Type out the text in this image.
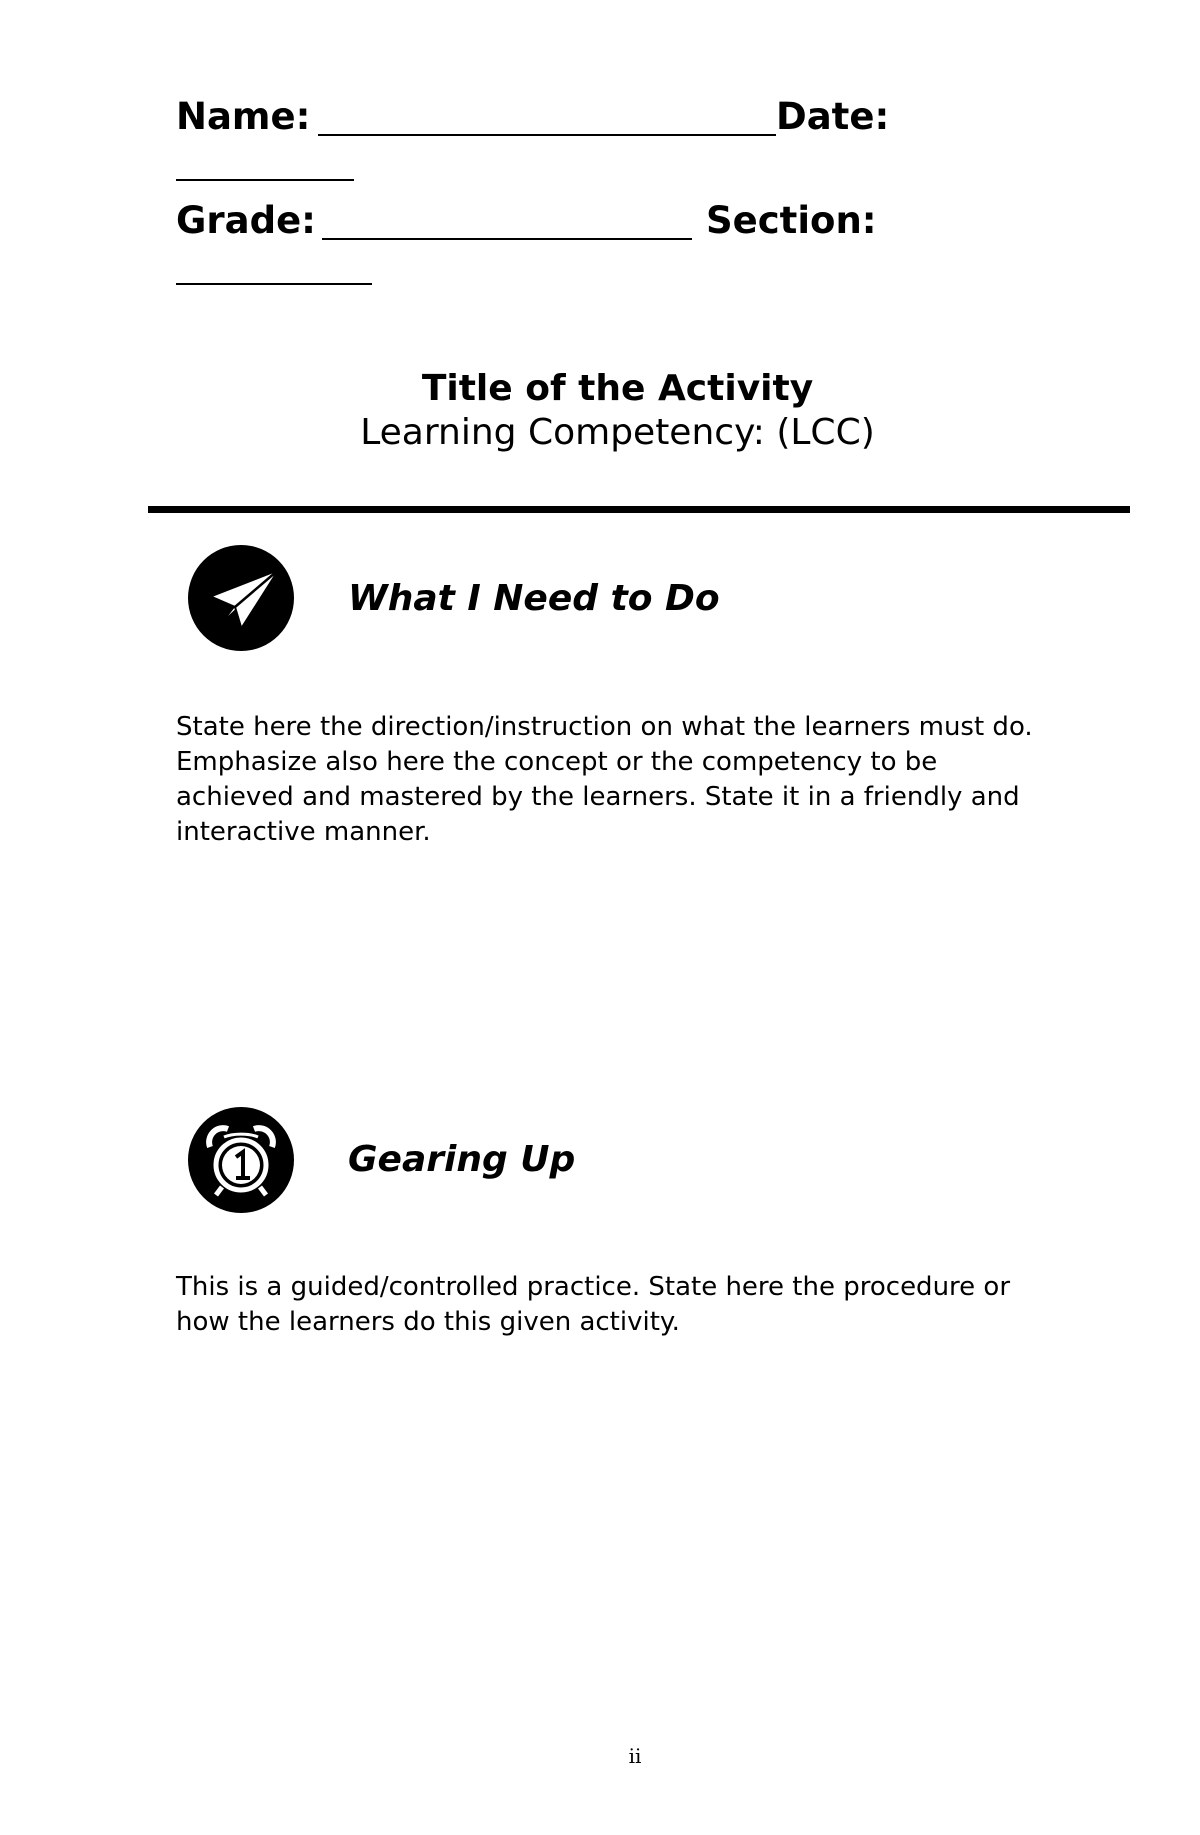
Name:	Date:
Grade:	Section:
Title of the Activity
Learning Competency: (LCC)
What I Need to Do
State here the direction/instruction on what the learners must do. Emphasize also here the concept or the competency to be achieved and mastered by the learners. State it in a friendly and interactive manner.
Gearing Up
This is a guided/controlled practice. State here the procedure or how the learners do this given activity.
ii
